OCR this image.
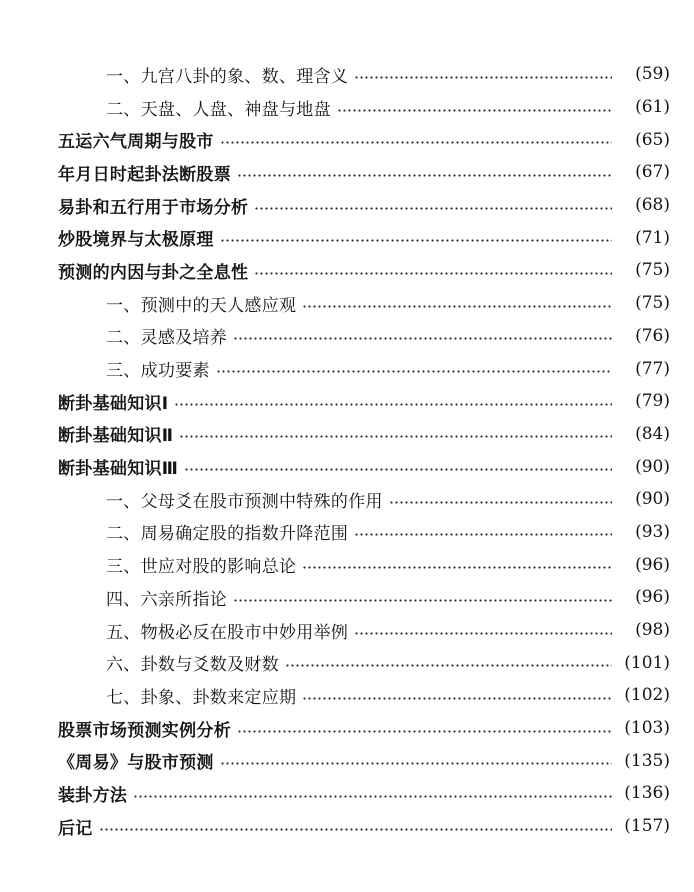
一、九宫八卦的象、数、理含义	(59)
二、天盘、人盘、神盘与地盘	(61)
五运六气周期与股市	(65)
年月日时起卦法断股票	(67)
易卦和五行用于市场分析	(68)
炒股境界与太极原理	(71)
预测的内因与卦之全息性	(75)
一、预测中的天人感应观	(75)
二、灵感及培养	(76)
三、成功要素	(77)
断卦基础知识Ⅰ	(79)
断卦基础知识Ⅱ	(84)
断卦基础知识Ⅲ	(90)
一、父母爻在股市预测中特殊的作用	(90)
二、周易确定股的指数升降范围	(93)
三、世应对股的影响总论	(96)
四、六亲所指论	(96)
五、物极必反在股市中妙用举例	(98)
六、卦数与爻数及财数	(101)
七、卦象、卦数来定应期	(102)
股票市场预测实例分析	(103)
《周易》与股市预测	(135)
装卦方法	(136)
后记	(157)
